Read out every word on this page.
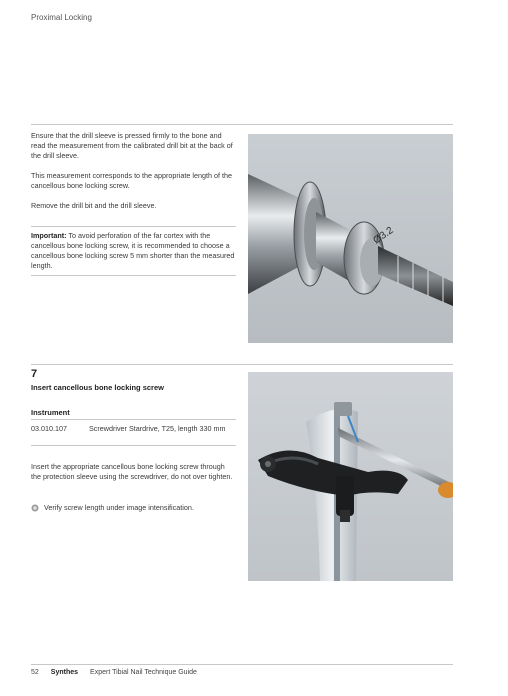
Proximal Locking

Ensure that the drill sleeve is pressed firmly to the bone and read the measurement from the calibrated drill bit at the back of the drill sleeve.

This measurement corresponds to the appropriate length of the cancellous bone locking screw.

Remove the drill bit and the drill sleeve.

Important: To avoid perforation of the far cortex with the cancellous bone locking screw, it is recommended to choose a cancellous bone locking screw 5 mm shorter than the measured length.
Ø3.2
7
Insert cancellous bone locking screw
Instrument
03.010.107	Screwdriver Stardrive, T25, length 330 mm
Insert the appropriate cancellous bone locking screw through the protection sleeve using the screwdriver, do not over tighten.
Verify screw length under image intensification.
52 Synthes Expert Tibial Nail Technique Guide
